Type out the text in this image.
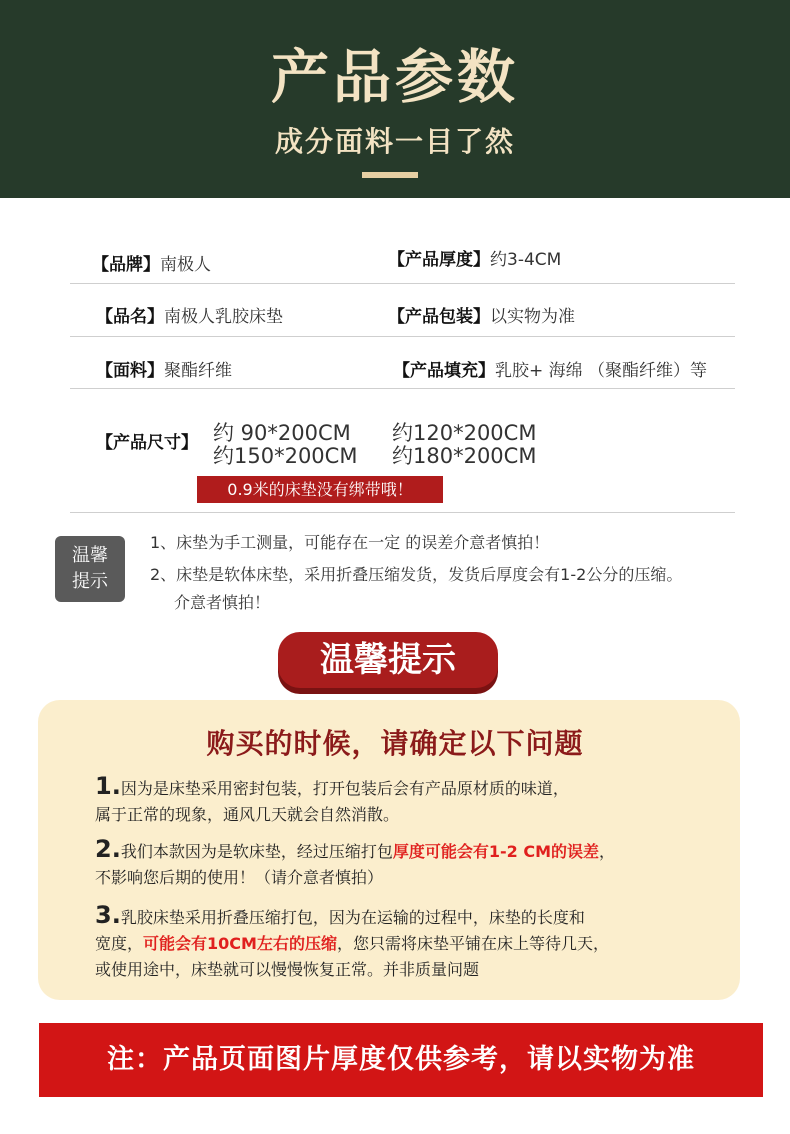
产品参数
成分面料一目了然
【品牌】南极人	【产品厚度】约3-4CM
【品名】南极人乳胶床垫	【产品包装】以实物为准
【面料】聚酯纤维	【产品填充】乳胶+ 海绵 （聚酯纤维）等
【产品尺寸】 约 90*200CM 约120*200CM
约150*200CM 约180*200CM
0.9米的床垫没有绑带哦！
温馨
提示
1、床垫为手工测量，可能存在一定 的误差介意者慎拍！
2、床垫是软体床垫，采用折叠压缩发货，发货后厚度会有1-2公分的压缩。
介意者慎拍！
温馨提示
购买的时候，请确定以下问题
1.因为是床垫采用密封包装，打开包装后会有产品原材质的味道，
属于正常的现象，通风几天就会自然消散。
2.我们本款因为是软床垫，经过压缩打包厚度可能会有1-2 CM的误差，
不影响您后期的使用！（请介意者慎拍）
3.乳胶床垫采用折叠压缩打包，因为在运输的过程中，床垫的长度和
宽度，可能会有10CM左右的压缩，您只需将床垫平铺在床上等待几天，
或使用途中，床垫就可以慢慢恢复正常。并非质量问题
注：产品页面图片厚度仅供参考，请以实物为准
